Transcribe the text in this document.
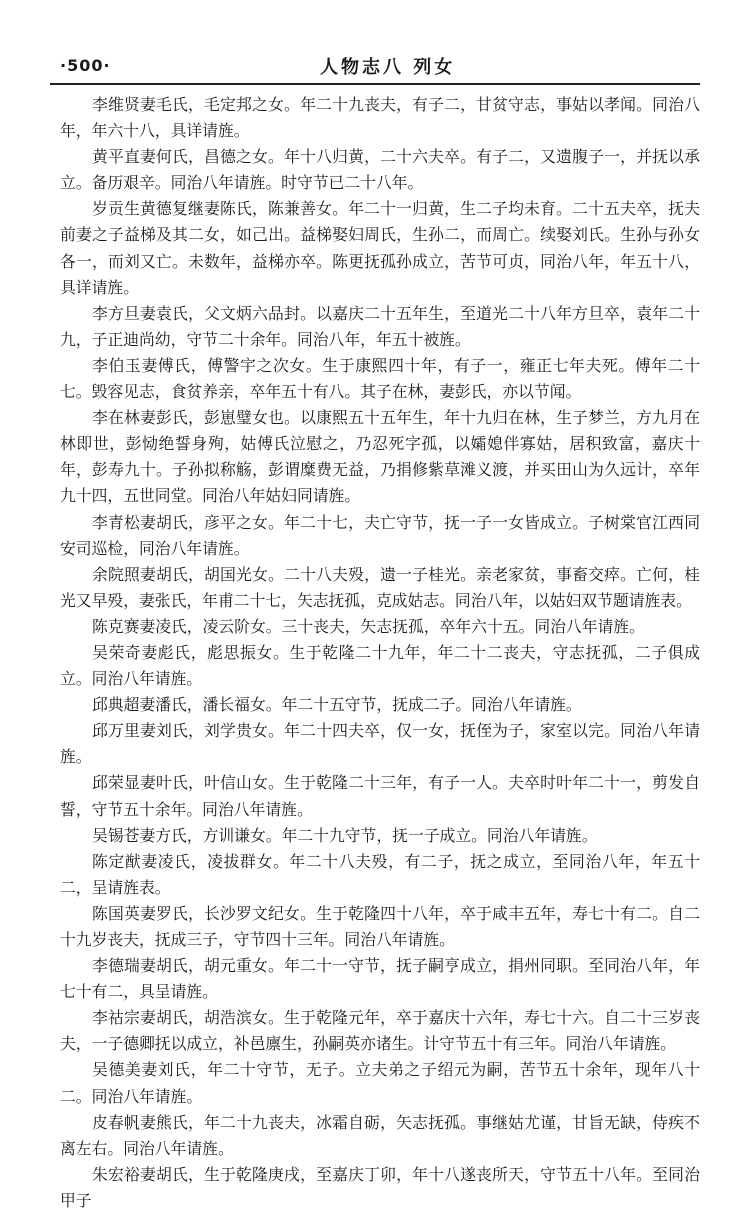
·500·	人物志八 列女

李维贤妻毛氏，毛定邦之女。年二十九丧夫，有子二，甘贫守志，事姑以孝闻。同治八年，年六十八，具详请旌。

黄平直妻何氏，昌德之女。年十八归黄，二十六夫卒。有子二，又遗腹子一，并抚以承立。备历艰辛。同治八年请旌。时守节已二十八年。

岁贡生黄德复继妻陈氏，陈兼善女。年二十一归黄，生二子均未育。二十五夫卒，抚夫前妻之子益梯及其二女，如己出。益梯娶妇周氏，生孙二，而周亡。续娶刘氏。生孙与孙女各一，而刘又亡。未数年，益梯亦卒。陈更抚孤孙成立，苦节可贞，同治八年，年五十八，具详请旌。

李方旦妻袁氏，父文炳六品封。以嘉庆二十五年生，至道光二十八年方旦卒，袁年二十九，子正迪尚幼，守节二十余年。同治八年，年五十被旌。

李伯玉妻傅氏，傅警宇之次女。生于康熙四十年，有子一，雍正七年夫死。傅年二十七。毁容见志，食贫养亲，卒年五十有八。其子在林，妻彭氏，亦以节闻。

李在林妻彭氏，彭崽璧女也。以康熙五十五年生，年十九归在林，生子梦兰，方九月在林即世，彭恸绝誓身殉，姑傅氏泣慰之，乃忍死字孤，以孀媳伴寡姑，居积致富，嘉庆十年，彭寿九十。子孙拟称觞，彭谓糜费无益，乃捐修紫草滩义渡，并买田山为久远计，卒年九十四，五世同堂。同治八年姑妇同请旌。

李青松妻胡氏，彦平之女。年二十七，夫亡守节，抚一子一女皆成立。子树棠官江西同安司巡检，同治八年请旌。

余院照妻胡氏，胡国光女。二十八夫殁，遗一子桂光。亲老家贫，事畜交瘁。亡何，桂光又早殁，妻张氏，年甫二十七，矢志抚孤，克成姑志。同治八年，以姑妇双节题请旌表。

陈克赛妻凌氏，凌云阶女。三十丧夫，矢志抚孤，卒年六十五。同治八年请旌。

吴荣奇妻彪氏，彪思振女。生于乾隆二十九年，年二十二丧夫，守志抚孤，二子俱成立。同治八年请旌。

邱典超妻潘氏，潘长福女。年二十五守节，抚成二子。同治八年请旌。

邱万里妻刘氏，刘学贵女。年二十四夫卒，仅一女，抚侄为子，家室以完。同治八年请旌。

邱荣显妻叶氏，叶信山女。生于乾隆二十三年，有子一人。夫卒时叶年二十一，剪发自誓，守节五十余年。同治八年请旌。

吴锡苍妻方氏，方训谦女。年二十九守节，抚一子成立。同治八年请旌。

陈定猷妻凌氏，凌拔群女。年二十八夫殁，有二子，抚之成立，至同治八年，年五十二，呈请旌表。

陈国英妻罗氏，长沙罗文纪女。生于乾隆四十八年，卒于咸丰五年，寿七十有二。自二十九岁丧夫，抚成三子，守节四十三年。同治八年请旌。

李德瑞妻胡氏，胡元重女。年二十一守节，抚子嗣亨成立，捐州同职。至同治八年，年七十有二，具呈请旌。

李祜宗妻胡氏，胡浩滨女。生于乾隆元年，卒于嘉庆十六年，寿七十六。自二十三岁丧夫，一子德卿抚以成立，补邑廪生，孙嗣英亦诸生。计守节五十有三年。同治八年请旌。

吴德美妻刘氏，年二十守节，无子。立夫弟之子绍元为嗣，苦节五十余年，现年八十二。同治八年请旌。

皮春帆妻熊氏，年二十九丧夫，冰霜自砺，矢志抚孤。事继姑尤谨，甘旨无缺，侍疾不离左右。同治八年请旌。

朱宏裕妻胡氏，生于乾隆庚戌，至嘉庆丁卯，年十八遂丧所天，守节五十八年。至同治甲子
